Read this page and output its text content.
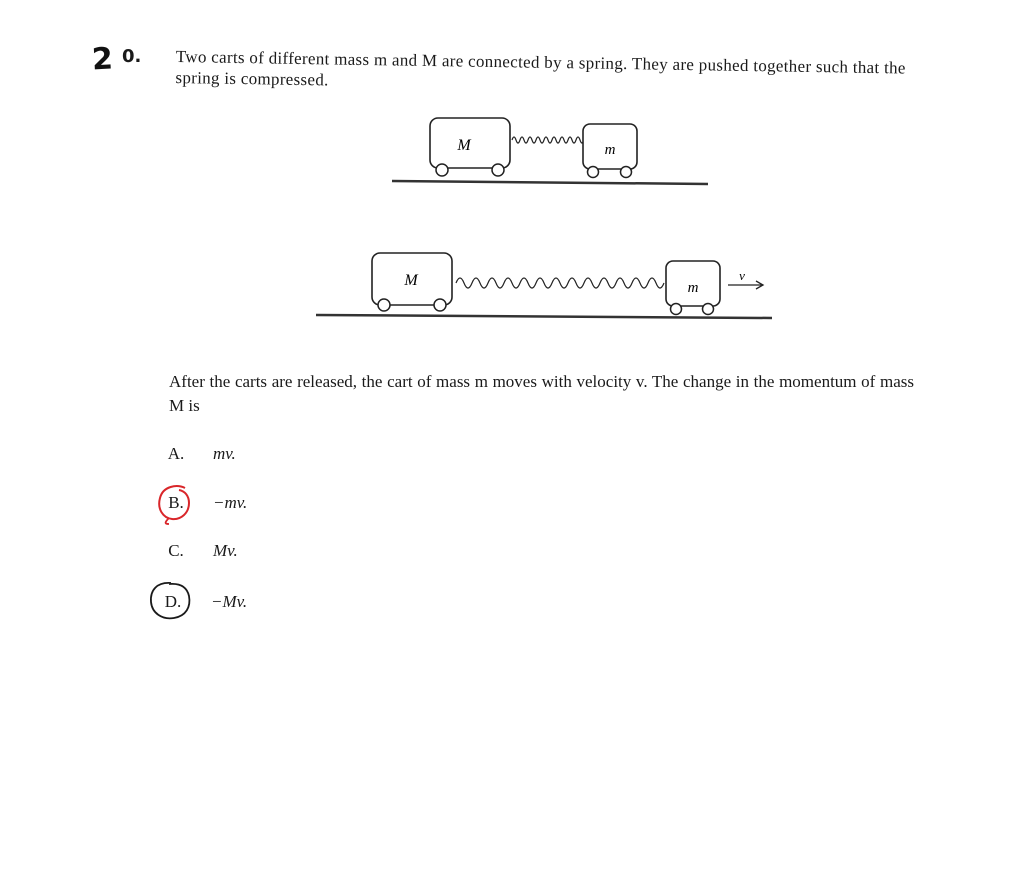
2 0. Two carts of different mass m and M are connected by a spring. They are pushed together such that the spring is compressed.
M	m
M	m
v
After the carts are released, the cart of mass m moves with velocity v. The change in the momentum of mass M is
A. mv.
B.	−mv.
C.	Mv.
D. −Mv.
